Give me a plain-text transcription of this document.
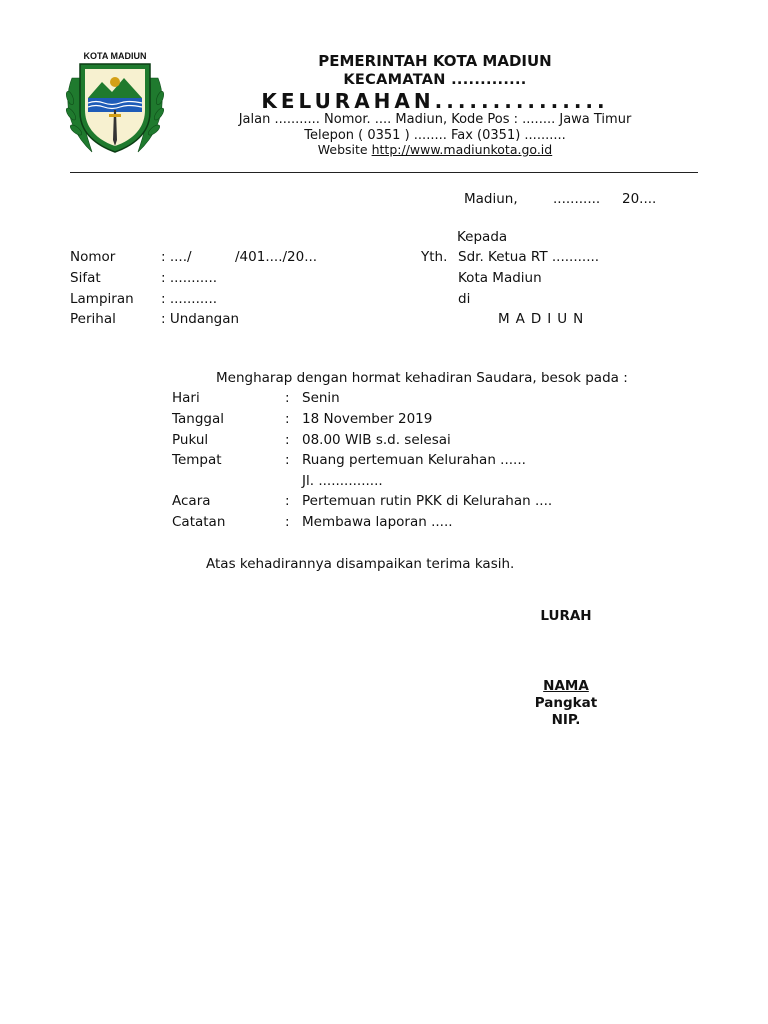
KOTA MADIUN	PEMERINTAH KOTA MADIUN
KECAMATAN .............
KELURAHAN...............
Jalan ........... Nomor. .... Madiun, Kode Pos : ........ Jawa Timur
Telepon ( 0351 ) ........ Fax (0351) ..........
Website http://www.madiunkota.go.id
Madiun,	........... 20....
Kepada
Yth. Sdr. Ketua RT ...........
Kota Madiun
di
MADIUN
Nomor	: ..../	/401..../20...
Sifat	: ...........
Lampiran : ...........
Perihal	: Undangan
Mengharap dengan hormat kehadiran Saudara, besok pada :
Hari	: Senin
Tanggal	: 18 November 2019
Pukul	: 08.00 WIB s.d. selesai
Tempat	: Ruang pertemuan Kelurahan ......
Jl. ...............
Acara	: Pertemuan rutin PKK di Kelurahan ....
Catatan	: Membawa laporan .....
Atas kehadirannya disampaikan terima kasih.
LURAH
NAMA
Pangkat
NIP.
